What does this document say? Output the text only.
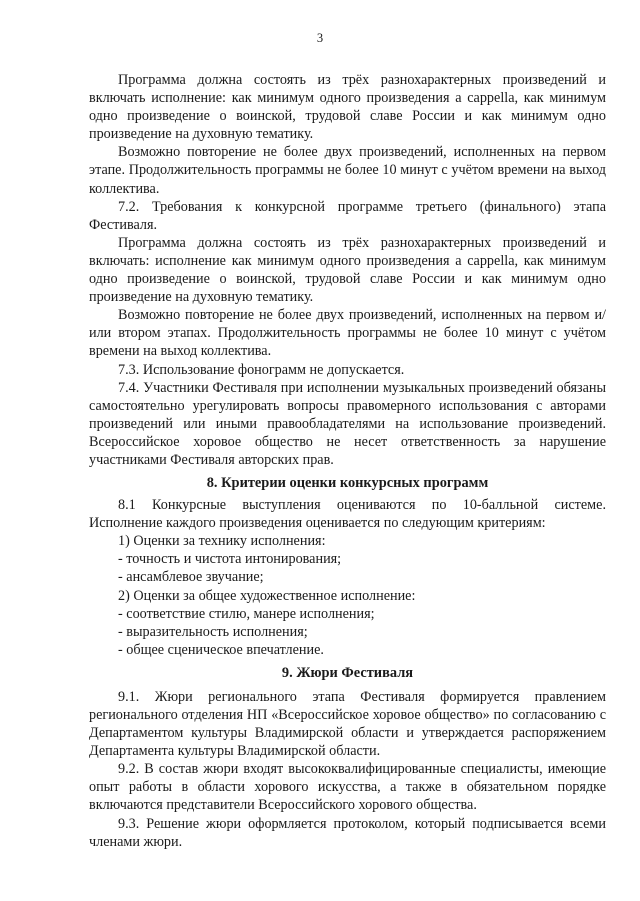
3

Программа должна состоять из трёх разнохарактерных произведений и включать исполнение: как минимум одного произведения a cappella, как минимум одно произведение о воинской, трудовой славе России и как минимум одно произведение на духовную тематику.

Возможно повторение не более двух произведений, исполненных на первом этапе. Продолжительность программы не более 10 минут с учётом времени на выход коллектива.

7.2. Требования к конкурсной программе третьего (финального) этапа Фестиваля.

Программа должна состоять из трёх разнохарактерных произведений и включать: исполнение как минимум одного произведения a cappella, как минимум одно произведение о воинской, трудовой славе России и как минимум одно произведение на духовную тематику.

Возможно повторение не более двух произведений, исполненных на первом и/или втором этапах. Продолжительность программы не более 10 минут с учётом времени на выход коллектива.

7.3. Использование фонограмм не допускается.

7.4. Участники Фестиваля при исполнении музыкальных произведений обязаны самостоятельно урегулировать вопросы правомерного использования с авторами произведений или иными правообладателями на использование произведений. Всероссийское хоровое общество не несет ответственность за нарушение участниками Фестиваля авторских прав.

8. Критерии оценки конкурсных программ

8.1 Конкурсные выступления оцениваются по 10-балльной системе. Исполнение каждого произведения оценивается по следующим критериям:

1) Оценки за технику исполнения:
- точность и чистота интонирования;
- ансамблевое звучание;
2) Оценки за общее художественное исполнение:
- соответствие стилю, манере исполнения;
- выразительность исполнения;
- общее сценическое впечатление.
9. Жюри Фестиваля

9.1. Жюри регионального этапа Фестиваля формируется правлением регионального отделения НП «Всероссийское хоровое общество» по согласованию с Департаментом культуры Владимирской области и утверждается распоряжением Департамента культуры Владимирской области.

9.2. В состав жюри входят высококвалифицированные специалисты, имеющие опыт работы в области хорового искусства, а также в обязательном порядке включаются представители Всероссийского хорового общества.

9.3. Решение жюри оформляется протоколом, который подписывается всеми членами жюри.
